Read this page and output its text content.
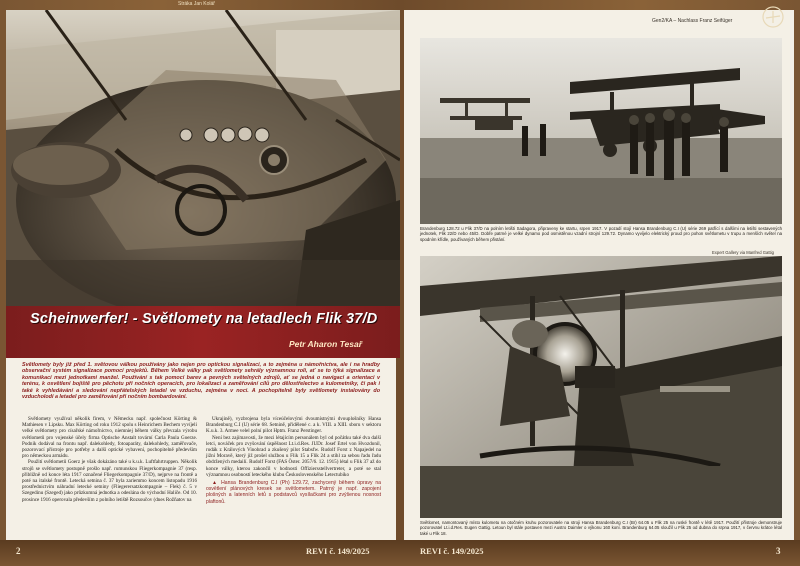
Stráka Jan Kolář
Scheinwerfer! - Světlomety na letadlech Flik 37/D
Petr Aharon Tesař
Světlomety byly již před 1. světovou válkou používány jako nejen pro optickou signalizaci, a to zejména u námořnictva, ale i na hradby observační systém signalizace pomocí projektů. Během Velké války pak světlomety sehrály významnou roli, ať se to týká signalizace a komunikací mezi jednotkami manžel. Používání s tak pomocí barev a pevných světelných zdrojů, ať se jedná o navigaci a orientaci v terénu, k osvětlení bojiště pro pěchotu při nočních operacích, pro lokalizaci a zaměřování cílů pro dělostřelectvo a kulometníky, či pak i také k vyhledávání a sledování nepřátelských letadel ve vzduchu, zejména v noci. A pochopitelně byly světlomety instalovány do vzducholodí a letadel pro zaměřování při nočním bombardování.

Světlomety využíval několik firem, v Německu např. společnost Körting & Mathiesen v Lipsku. Max Körting od roku 1912 spolu s Heinrichem Bechem vyvíjeli velké světlomety pro císařské námořnictvo, niemniej během války převzala výrobu světlometů pro vojenské účely firma Optische Anstalt tovární Carla Paula Goerze. Podnik dodával na frontu např. dalekohledy, fotoaparáty, dalekohledy, zaměřovače, pozorovací přístroje pro potřeby a další optické vybavení, pochopitelně především pro německou armádu.

Použití světlometů Goerz je však dokázáno také u k.u.k. Luftfahrtruppen. Několik strojů se světlomety postupně prošlo např. rumunskou Fliegerkompagnie 37 (resp. přibližně od konce léta 1917 označené Fliegerkompagnie 37/D), nejprve na frontě a poté na italské frontě. Letecká setnina č. 37 byla zariemmo koncem listopadu 1916 prostřednictvím náhradní letecké setniny (Fliegerersatzkompagnie – Flek) č. 5 v Szegedinu (Szeged) jako průzkumná jednotka a odeslána do východní Haliče. Od 10. prosince 1916 operovala především z polního letiště Rozsoučov (dnes Rožňatov na

Ukrajině), vyzbrojena byla víceúčelovými dvoumístnými dvouplošníky Hansa Brandenburg C.I (U) série 68. Setnině, přidělené c. a k. VIII. a XIII. sboru v sektoru K.u.k. 3. Armee velel polní pilot Hptm. Franz Perstinger.

Není bez zajímavosti, že mezi létajícím personálem byl od počátku také dva další letci, nováček pro zvyšování úspěšnost Lt.i.d.Res. JUDr. Josef Ertel von Hvozdonil, rodák z Králových Vinohrad a zkušený pilot Stabsfw. Rudolf Forst z Napajedel na jižní Moravě, který již prošel službou u Flik 15 a Flik 24 a stihl za sebou řadu řadu obdržených medailí. Rudolf Forst (FAS Öster. 2057/6. 12. 1915) létal u Flik 37 až do konce války, kterou zakončil v hodnosti Offiziersstellvertreter, a poté se stal významnou osobností leteckého klubu Československého Letectubiko

▲ Hansa Brandenburg C.I (Ph) 129.72, zachycený během úpravy na osvětlení plánových kresek se světlometem. Patrný je např. zapojení plošných a latenních letů s podstavců vysílačkami pro zvýšenou nosnost plaftonů.

2	REVI č. 149/2025
Gen2/KA – Nachlass Franz Seifüger
Brandenburg 128.72 u Flik 37/D na polním letišti Sadagora, připraveny ke startu, srpen 1917. V pozadí stojí Hansa Brandenburg C.I (U) série 269 patřící s dalšími na letišti sestavených jednotek, Flik 22/D nebo 45/D. Dobře patrné je velké dynamo pod osmistěnou vzadní strojní 129.72. Dynamo vyvíjelo elektrický proud pro pohon světlometu v trupu a menších světel na spodním křídle, používaných během přistání.
Expert Gallery via Manfred Gattig
Světlomet, namontovaný místo kulometu na otočném kruhu pozorovatele na stroji Hansa Brandenburg C.I (Br) 64.05 u Flik 25 na ruské frontě v létě 1917. Použití přístroje demonstruje pozorovatel Lt.i.d.Res. Eugen Gattig. Letoun byl stále postaven mezi Austro Daimler o výkonu 160 koní. Brandenburg 64.05 sloužil u Flik 25 od dubna do srpna 1917, v červnu krátce létal také u Flik 18.
REVI č. 149/2025	3
